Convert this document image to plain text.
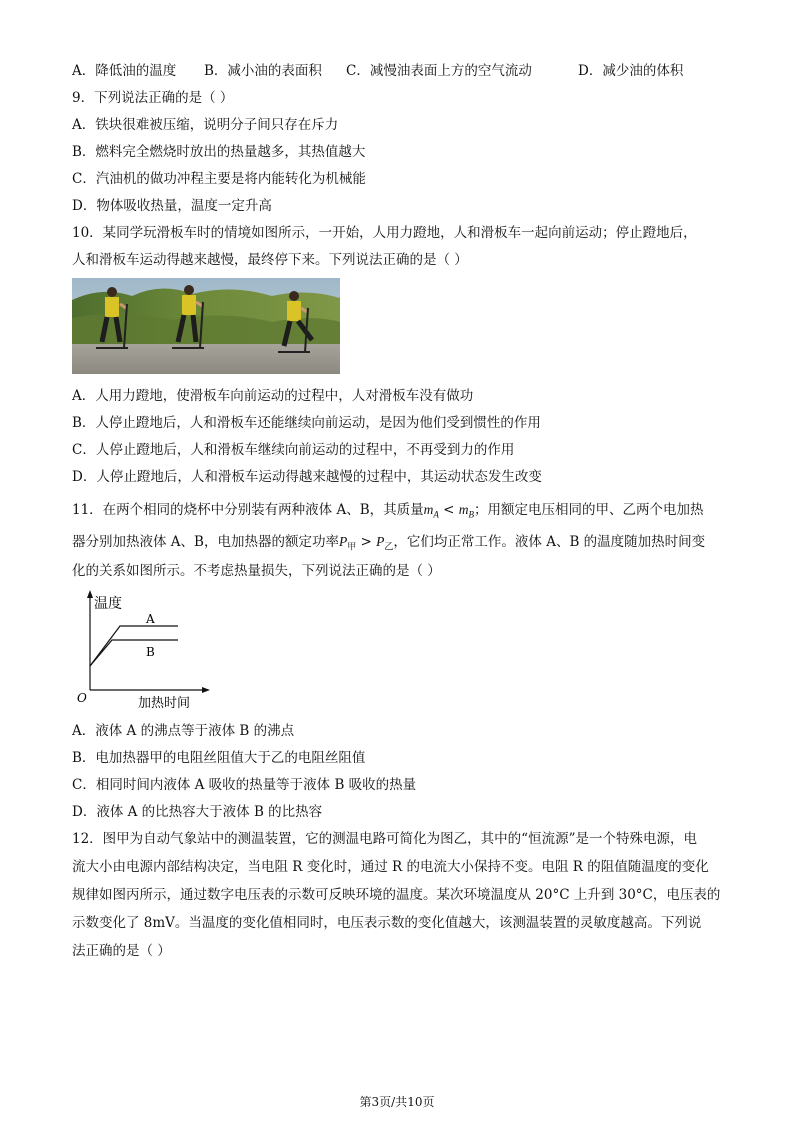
A．降低油的温度 B．减小油的表面积 C．减慢油表面上方的空气流动	D．减少油的体积
9．下列说法正确的是（ ）
A．铁块很难被压缩，说明分子间只存在斥力
B．燃料完全燃烧时放出的热量越多，其热值越大
C．汽油机的做功冲程主要是将内能转化为机械能
D．物体吸收热量，温度一定升高
10．某同学玩滑板车时的情境如图所示，一开始，人用力蹬地，人和滑板车一起向前运动；停止蹬地后，
人和滑板车运动得越来越慢，最终停下来。下列说法正确的是（ ）
A．人用力蹬地，使滑板车向前运动的过程中，人对滑板车没有做功
B．人停止蹬地后，人和滑板车还能继续向前运动，是因为他们受到惯性的作用
C．人停止蹬地后，人和滑板车继续向前运动的过程中，不再受到力的作用
D．人停止蹬地后，人和滑板车运动得越来越慢的过程中，其运动状态发生改变
11．在两个相同的烧杯中分别装有两种液体 A、B，其质量$m_A < m_B$；用额定电压相同的甲、乙两个电加热
器分别加热液体 A、B，电加热器的额定功率$P_甲 > P_乙$，它们均正常工作。液体 A、B 的温度随加热时间变
化的关系如图所示。不考虑热量损失，下列说法正确的是（ ）
温度
A
B
O	加热时间
A．液体 A 的沸点等于液体 B 的沸点
B．电加热器甲的电阻丝阻值大于乙的电阻丝阻值
C．相同时间内液体 A 吸收的热量等于液体 B 吸收的热量
D．液体 A 的比热容大于液体 B 的比热容
12．图甲为自动气象站中的测温装置，它的测温电路可简化为图乙，其中的“恒流源”是一个特殊电源，电
流大小由电源内部结构决定，当电阻 R 变化时，通过 R 的电流大小保持不变。电阻 R 的阻值随温度的变化
规律如图丙所示，通过数字电压表的示数可反映环境的温度。某次环境温度从 20°C 上升到 30°C，电压表的
示数变化了 8mV。当温度的变化值相同时，电压表示数的变化值越大，该测温装置的灵敏度越高。下列说
法正确的是（ ）
第3页/共10页
